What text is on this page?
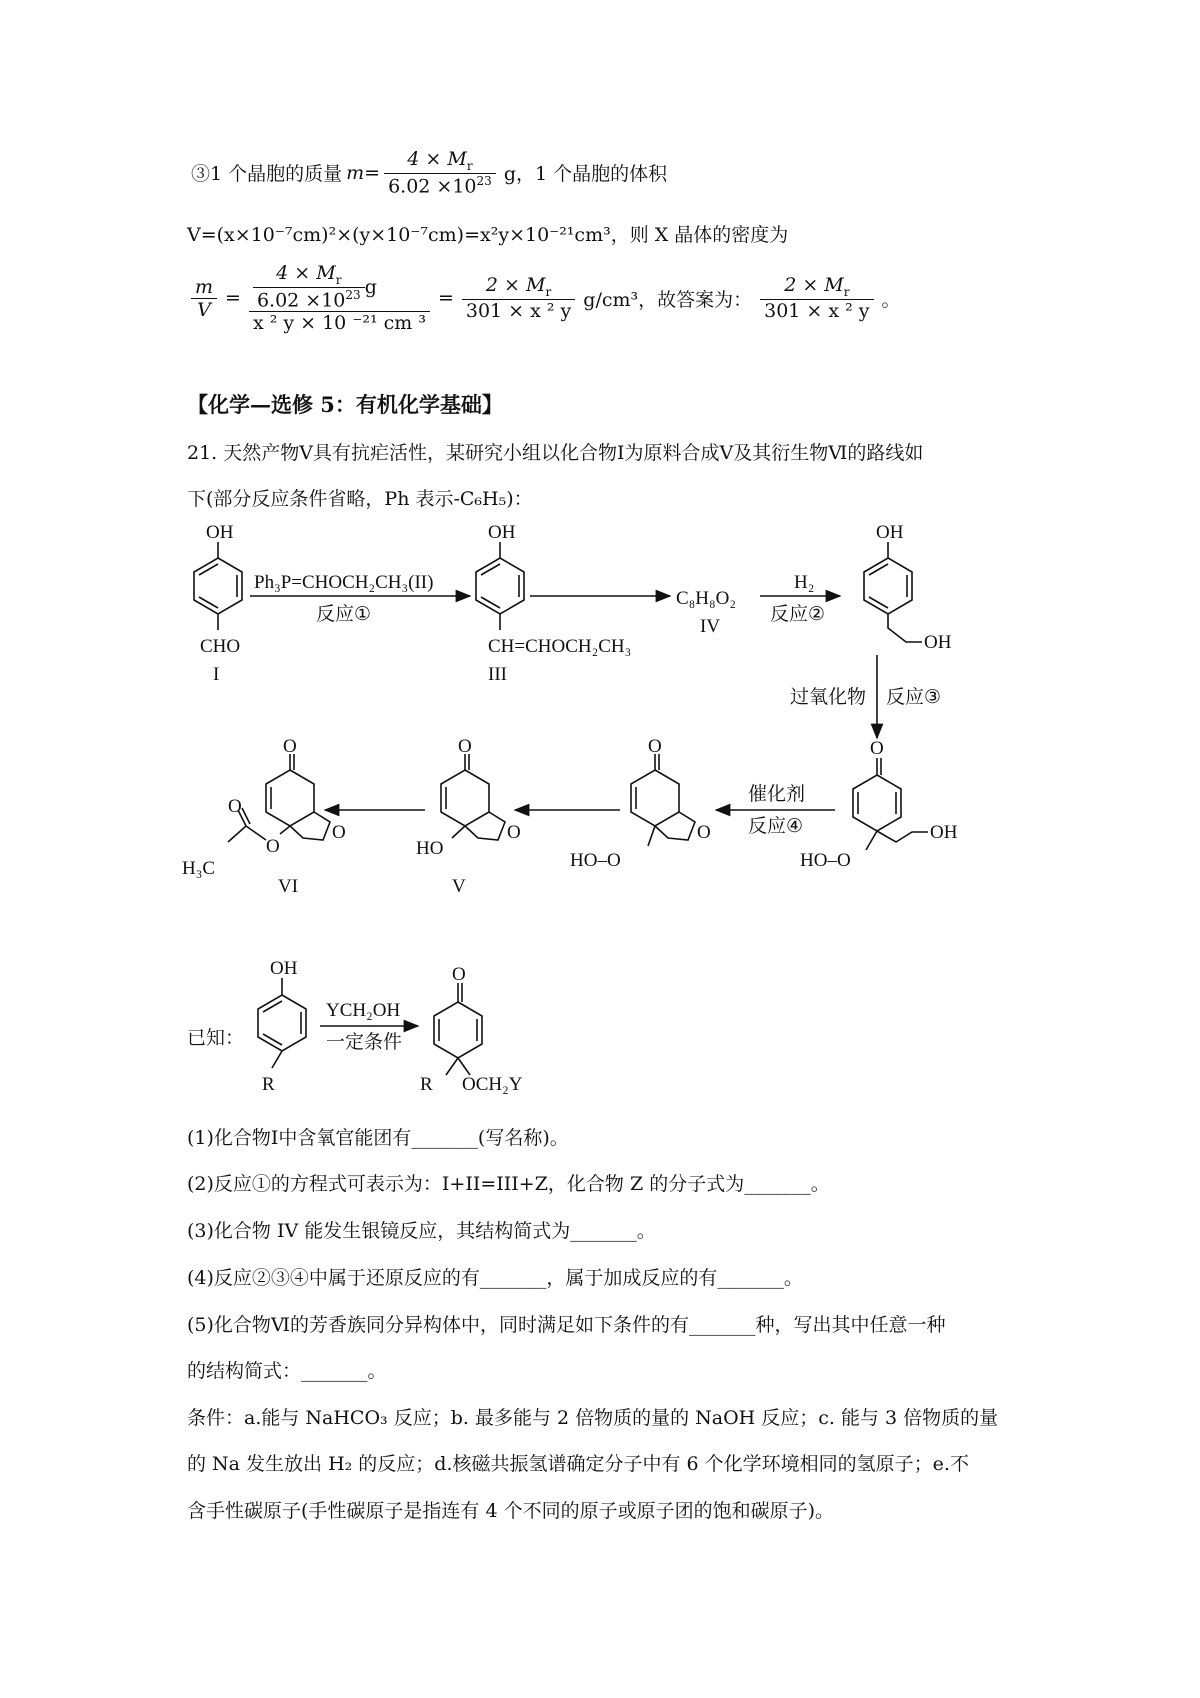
③1 个晶胞的质量 $m= \frac{4 \times M_r}{6.02 \times 10^{23}}$ g，1 个晶胞的体积
V=(x×10⁻⁷cm)²×(y×10⁻⁷cm)=x²y×10⁻²¹cm³，则 X 晶体的密度为
$\frac{m}{V} = 4 \times M_r$
$6.02 \times 10^{23}$ g
x ² y × 10 ⁻²¹ cm $^3 = \frac{2 \times M_r}{\text{301 × x ² y}} g/cm^3$，故答案为：
$2 \times M_r$
301 × x ² y
。
【化学—选修 5：有机化学基础】
21. 天然产物Ⅴ具有抗疟活性，某研究小组以化合物Ⅰ为原料合成Ⅴ及其衍生物Ⅵ的路线如
下(部分反应条件省略，Ph 表示-C₆H₅)：
OH
CHO
I
Ph₃P=CHOCH₂CH₃(II)
反应①
OH
CH=CHOCH₂CH₃
III
C₈H₈O₂
IV
H₂
反应②
OH
OH
过氧化物 反应③
O
HO–O
OH
催化剂
反应④
O
O
HO–O
O
O
HO
V
O
O
O
O
H₃C
VI
已知：
OH
R
YCH₂OH
一定条件
O
R OCH₂Y
(1)化合物Ⅰ中含氧官能团有_______(写名称)。
(2)反应①的方程式可表示为：I+II=III+Z，化合物 Z 的分子式为_______。
(3)化合物 IV 能发生银镜反应，其结构简式为_______。
(4)反应②③④中属于还原反应的有_______，属于加成反应的有_______。
(5)化合物Ⅵ的芳香族同分异构体中，同时满足如下条件的有_______种，写出其中任意一种
的结构简式：_______。
条件：a.能与 NaHCO₃ 反应；b. 最多能与 2 倍物质的量的 NaOH 反应；c. 能与 3 倍物质的量
的 Na 发生放出 H₂ 的反应；d.核磁共振氢谱确定分子中有 6 个化学环境相同的氢原子；e.不
含手性碳原子(手性碳原子是指连有 4 个不同的原子或原子团的饱和碳原子)。
